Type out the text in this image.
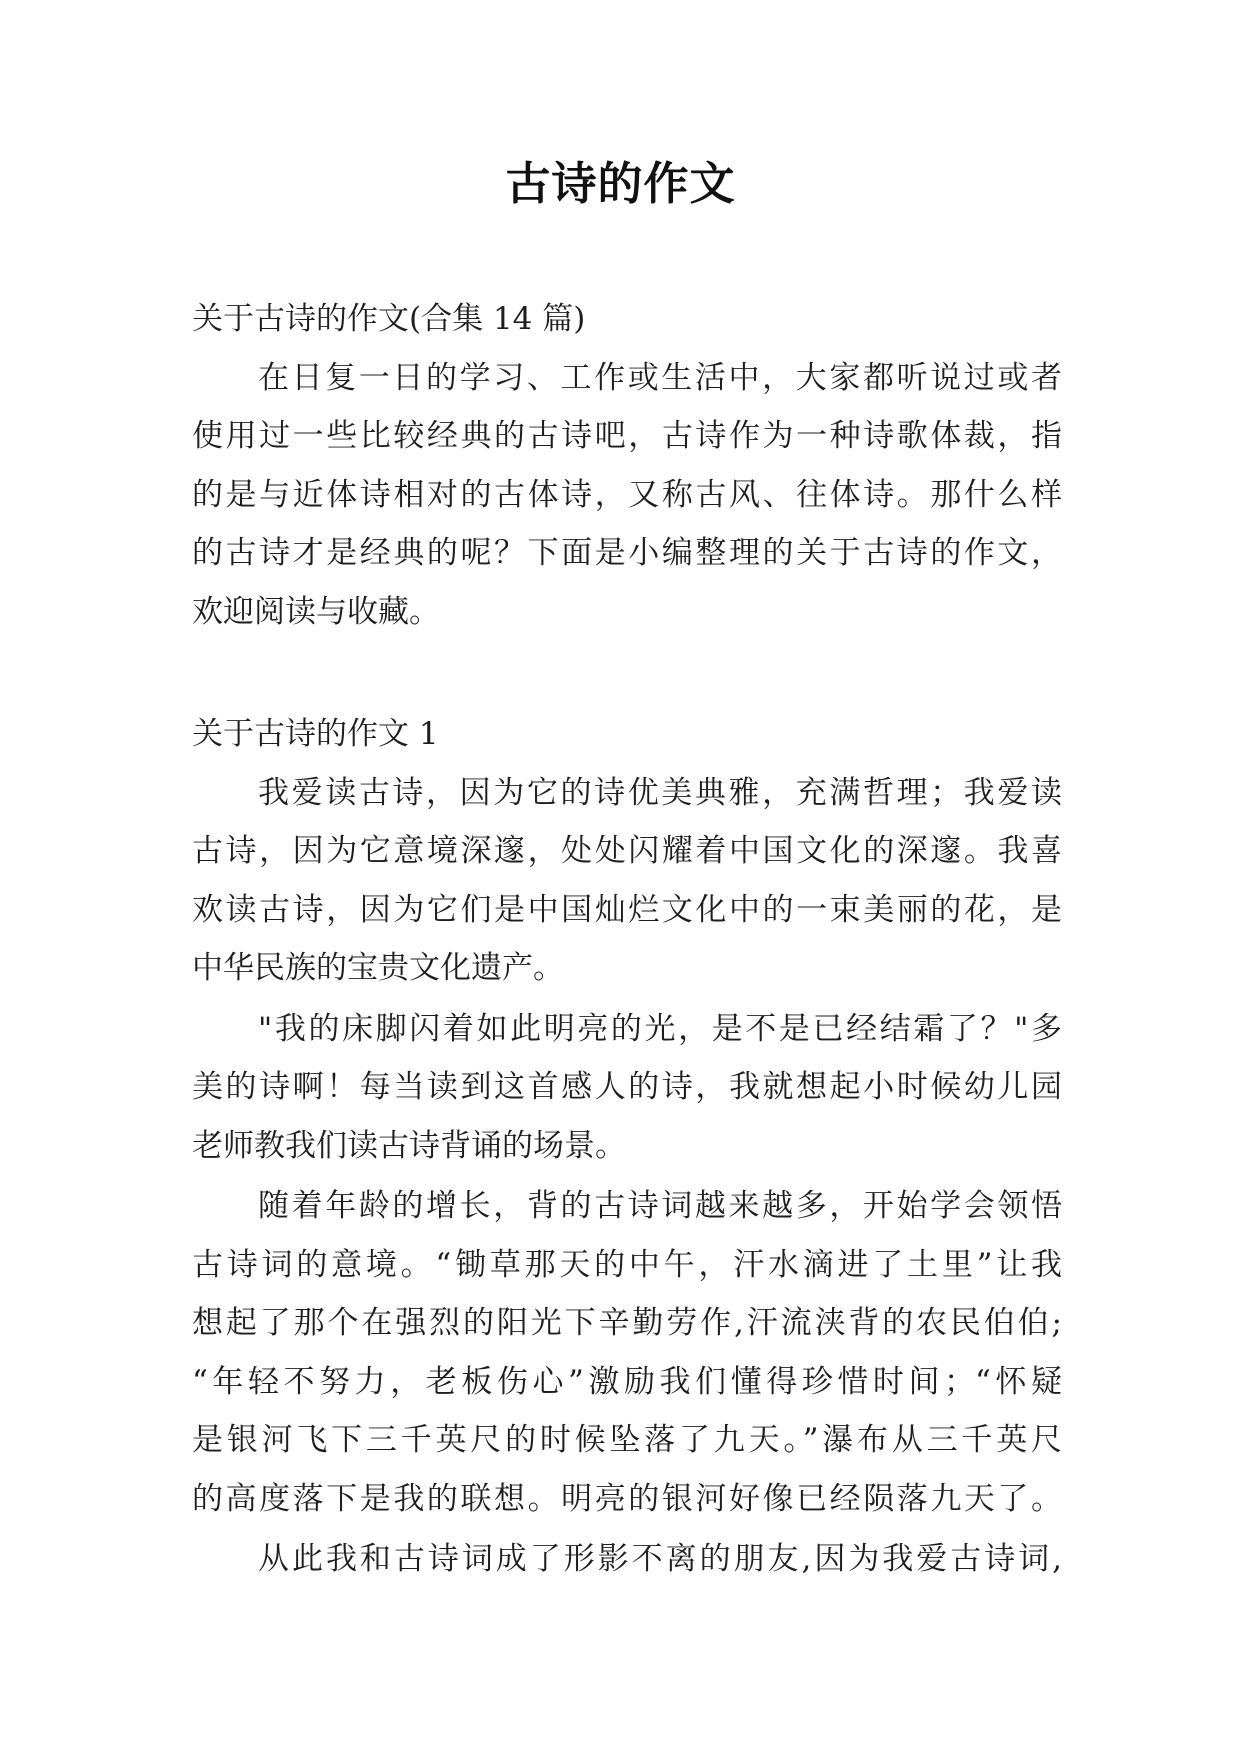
古诗的作文
关于古诗的作文(合集 14 篇)
在日复一日的学习、工作或生活中，大家都听说过或者
使用过一些比较经典的古诗吧，古诗作为一种诗歌体裁，指
的是与近体诗相对的古体诗，又称古风、往体诗。那什么样
的古诗才是经典的呢？下面是小编整理的关于古诗的作文，
欢迎阅读与收藏。
关于古诗的作文 1
我爱读古诗，因为它的诗优美典雅，充满哲理；我爱读
古诗，因为它意境深邃，处处闪耀着中国文化的深邃。我喜
欢读古诗，因为它们是中国灿烂文化中的一束美丽的花，是
中华民族的宝贵文化遗产。
"我的床脚闪着如此明亮的光，是不是已经结霜了？"多
美的诗啊！每当读到这首感人的诗，我就想起小时候幼儿园
老师教我们读古诗背诵的场景。
随着年龄的增长，背的古诗词越来越多，开始学会领悟
古诗词的意境。“锄草那天的中午，汗水滴进了土里”让我
想起了那个在强烈的阳光下辛勤劳作,汗流浃背的农民伯伯;
“年轻不努力，老板伤心”激励我们懂得珍惜时间；“怀疑
是银河飞下三千英尺的时候坠落了九天。”瀑布从三千英尺
的高度落下是我的联想。明亮的银河好像已经陨落九天了。
从此我和古诗词成了形影不离的朋友,因为我爱古诗词,
